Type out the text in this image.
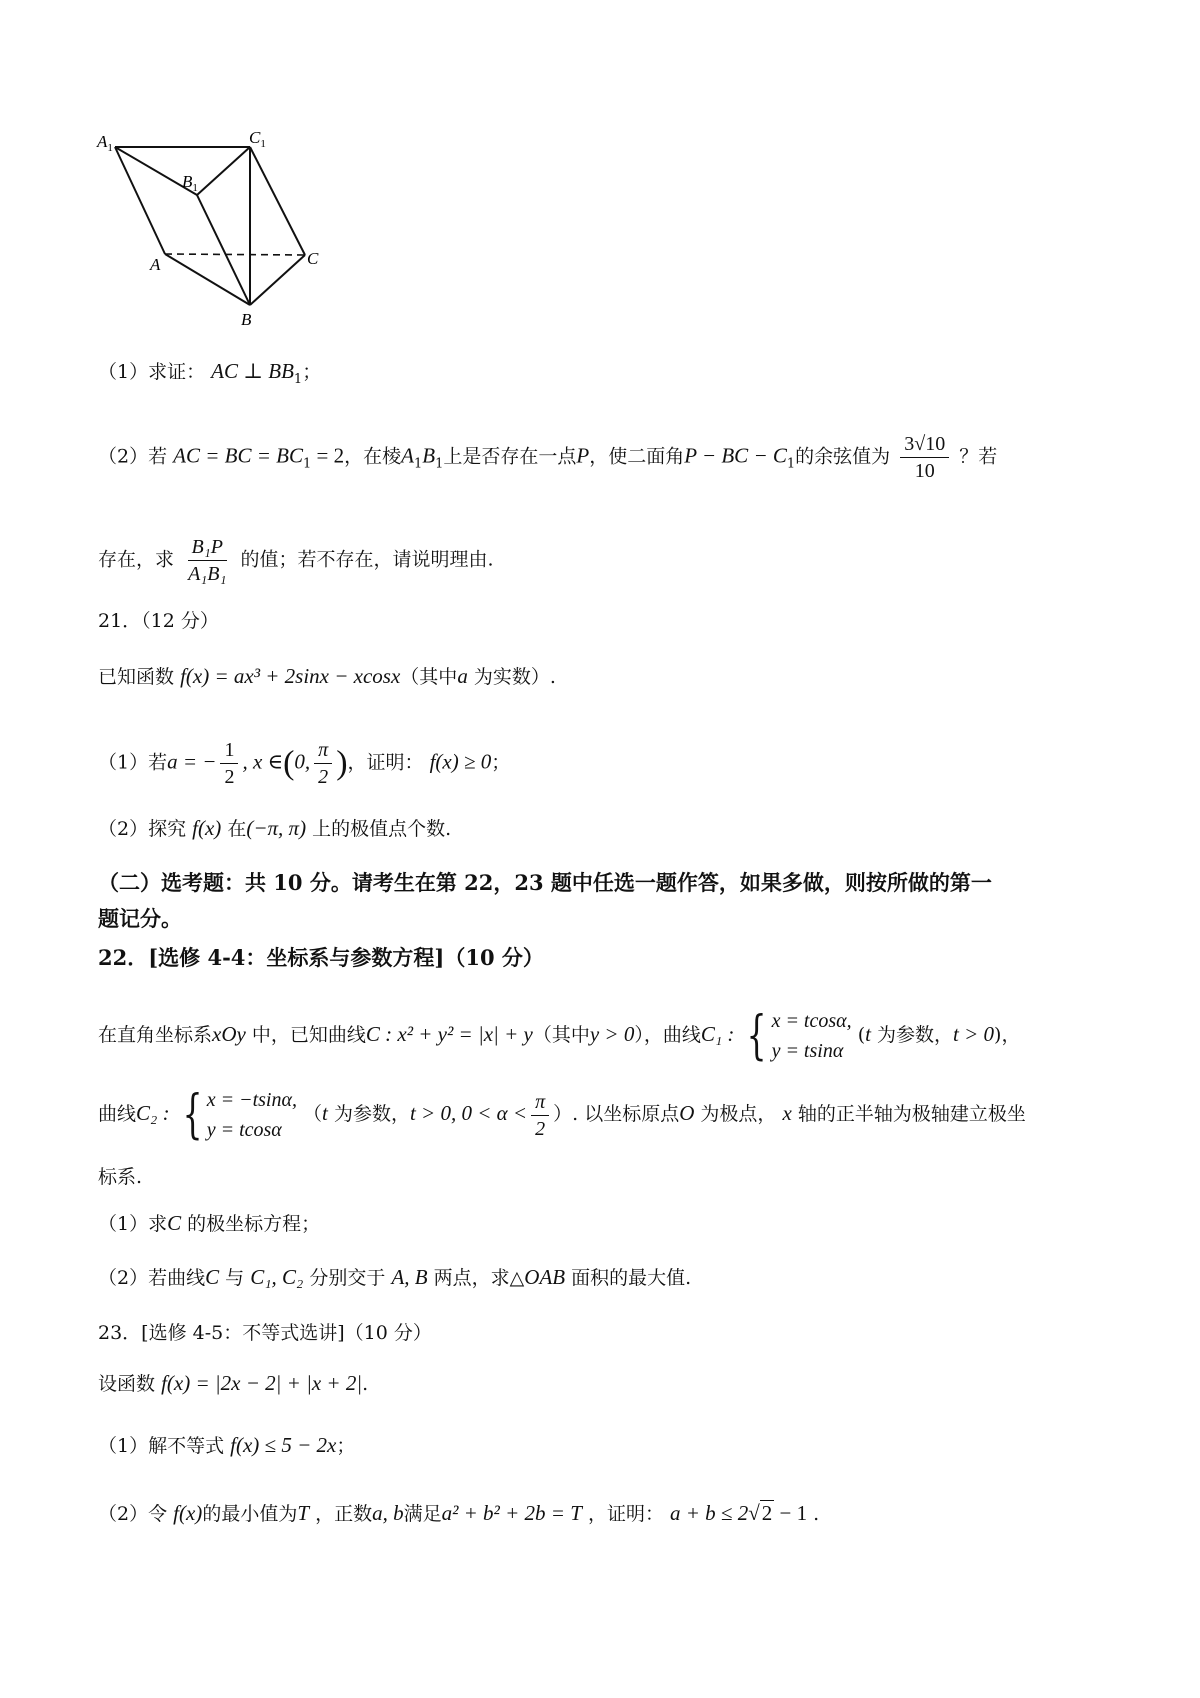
$A_1$
$C_1$
$B_1$
A	C
B
（1）求证： AC ⊥ $BB_1$；
（2）若 AC = BC = $BC_1 = 2$，在棱$A_1B_1$上是否存在一点P，使二面角P − BC − $C_1$的余弦值为 $\frac{3√10}{10}$ ？若
存在，求 $\frac{\text{B₁P}}{\text{A₁B₁}}$ 的值；若不存在，请说明理由.
21．（12 分）
已知函数 f(x) = ax³ + 2sinx − xcosx（其中a 为实数）.
（1）若a = − $\frac{1}{2}$ , x ∈(0, $\frac{\pi}{2}$ )，证明： f(x) ≥ 0；
（2）探究 f(x) 在(−π, π) 上的极值点个数.
（二）选考题：共 10 分。请考生在第 22，23 题中任选一题作答，如果多做，则按所做的第一
题记分。
22．[选修 4-4：坐标系与参数方程]（10 分）
在直角坐标系xOy 中，已知曲线C : x² + y² = |x| + y（其中y > 0），曲线C₁ : { x = tcosα,
y = tsinα
(t 为参数，t > 0)，
曲线C₂ : { x = −tsinα,
y = tcosα
（t 为参数，t > 0, $0 < \alpha < \frac{\pi}{2}$ ）. 以坐标原点O 为极点， x 轴的正半轴为极轴建立极坐
标系.
（1）求C 的极坐标方程；
（2）若曲线C 与 C₁, C₂ 分别交于 A, B 两点，求△OAB 面积的最大值.
23．[选修 4-5：不等式选讲]（10 分）
设函数 f(x) = |2x − 2| + |x + 2|.
（1）解不等式 f(x) ≤ 5 − 2x；
（2）令 f(x)的最小值为T ，正数a, b满足a² + b² + 2b = T ，证明： a + b ≤ 2√2 − 1 .
